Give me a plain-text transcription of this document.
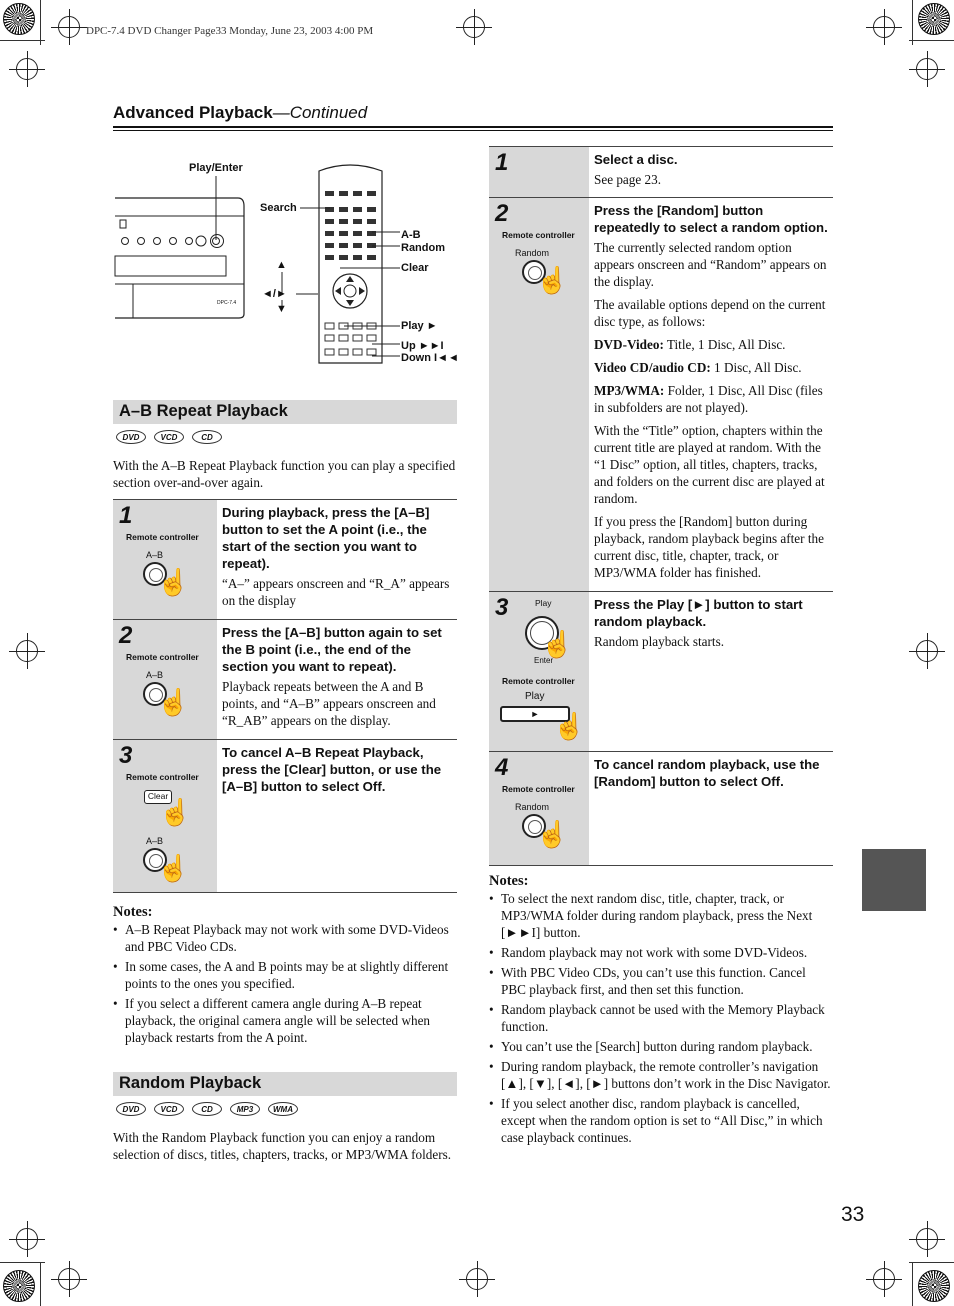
DPC-7.4 DVD Changer Page33 Monday, June 23, 2003 4:00 PM
Advanced Playback—Continued
DPC-7.4
Play/Enter
Search
A-B
Random
▲	Clear
◄/►
▼
Play ►
Up ►►I
Down I◄◄
A–B Repeat Playback
DVD	VCD	CD
With the A–B Repeat Playback function you can play a specified section over-and-over again.
1
Remote controller
A–B
☝
During playback, press the [A–B] button to set the A point (i.e., the start of the section you want to repeat).
“A–” appears onscreen and “R_A” appears on the display
2
Remote controller
A–B
☝
Press the [A–B] button again to set the B point (i.e., the end of the section you want to repeat).
Playback repeats between the A and B points, and “A–B” appears onscreen and “R_AB” appears on the display.
3
Remote controller
Clear
☝
A–B
☝
To cancel A–B Repeat Playback, press the [Clear] button, or use the [A–B] button to select Off.
Notes:
• A–B Repeat Playback may not work with some DVD-Videos and PBC Video CDs.
• In some cases, the A and B points may be at slightly different points to the ones you specified.
• If you select a different camera angle during A–B repeat playback, the original camera angle will be selected when playback restarts from the A point.
Random Playback
DVD	VCD	CD	MP3	WMA
With the Random Playback function you can enjoy a random selection of discs, titles, chapters, tracks, or MP3/WMA folders.
1	Select a disc.
See page 23.
2
Remote controller
Random
☝
Press the [Random] button repeatedly to select a random option.

The currently selected random option appears onscreen and “Random” appears on the display.

The available options depend on the current disc type, as follows:

DVD-Video: Title, 1 Disc, All Disc.

Video CD/audio CD: 1 Disc, All Disc.

MP3/WMA: Folder, 1 Disc, All Disc (files in subfolders are not played).

With the “Title” option, chapters within the current title are played at random. With the “1 Disc” option, all titles, chapters, tracks, and folders on the current disc are played at random.

If you press the [Random] button during playback, random playback begins after the current disc, title, chapter, track, or MP3/WMA folder has finished.

3	Play
☝
Enter
Remote controller
Play
► ☝
Press the Play [►] button to start random playback.
Random playback starts.
4
Remote controller
Random
☝
To cancel random playback, use the [Random] button to select Off.
Notes:
• To select the next random disc, title, chapter, track, or MP3/WMA folder during random playback, press the Next [►►I] button.
• Random playback may not work with some DVD-Videos.
• With PBC Video CDs, you can’t use this function. Cancel PBC playback first, and then set this function.
• Random playback cannot be used with the Memory Playback function.
• You can’t use the [Search] button during random playback.
• During random playback, the remote controller’s navigation [▲], [▼], [◄], [►] buttons don’t work in the Disc Navigator.
• If you select another disc, random playback is cancelled, except when the random option is set to “All Disc,” in which case playback continues.
33
